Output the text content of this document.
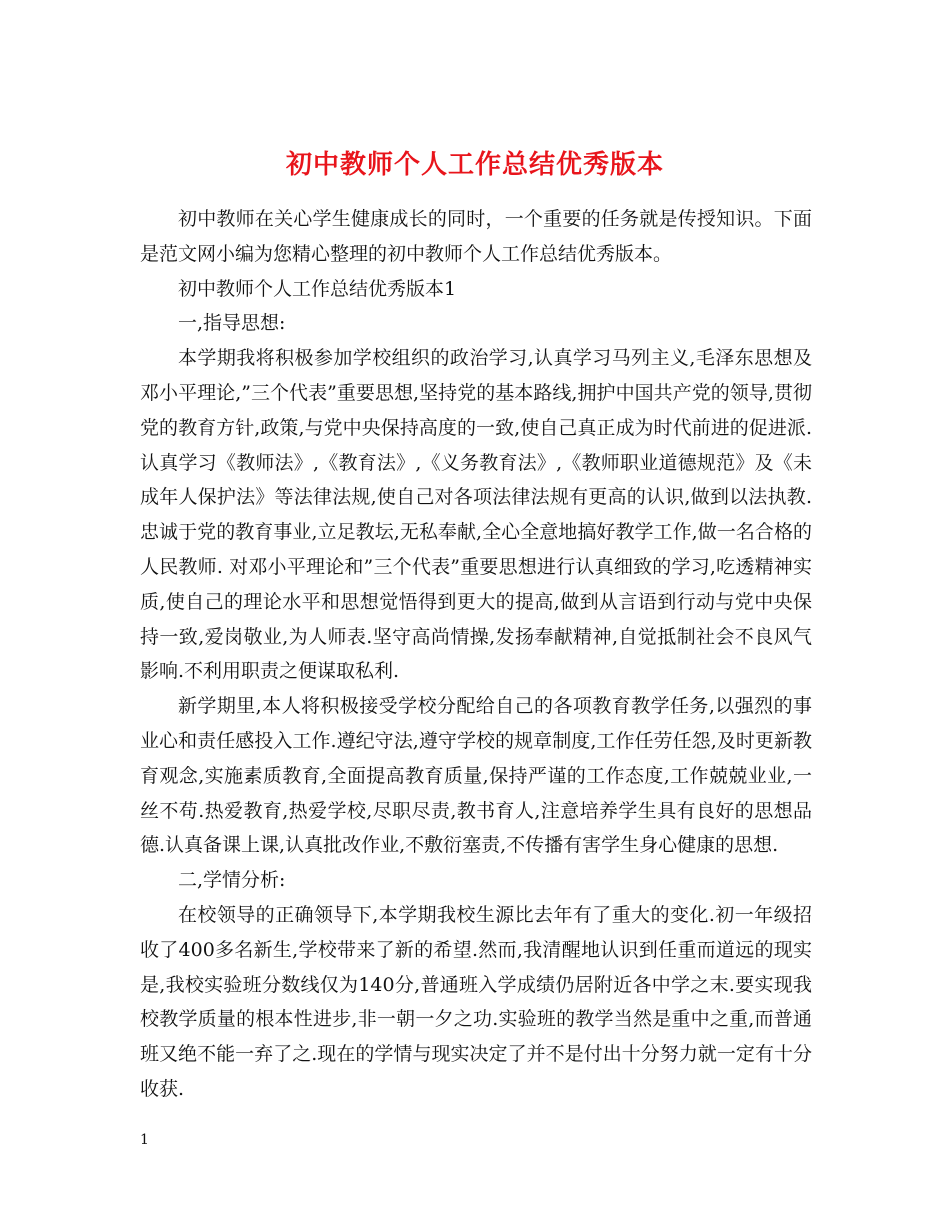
初中教师个人工作总结优秀版本

初中教师在关心学生健康成长的同时，一个重要的任务就是传授知识。下面是范文网小编为您精心整理的初中教师个人工作总结优秀版本。

初中教师个人工作总结优秀版本1

一,指导思想:

本学期我将积极参加学校组织的政治学习,认真学习马列主义,毛泽东思想及邓小平理论,”三个代表”重要思想,坚持党的基本路线,拥护中国共产党的领导,贯彻党的教育方针,政策,与党中央保持高度的一致,使自己真正成为时代前进的促进派.认真学习《教师法》,《教育法》,《义务教育法》,《教师职业道德规范》及《未成年人保护法》等法律法规,使自己对各项法律法规有更高的认识,做到以法执教.忠诚于党的教育事业,立足教坛,无私奉献,全心全意地搞好教学工作,做一名合格的人民教师. 对邓小平理论和”三个代表”重要思想进行认真细致的学习,吃透精神实质,使自己的理论水平和思想觉悟得到更大的提高,做到从言语到行动与党中央保持一致,爱岗敬业,为人师表.坚守高尚情操,发扬奉献精神,自觉抵制社会不良风气影响.不利用职责之便谋取私利.

新学期里,本人将积极接受学校分配给自己的各项教育教学任务,以强烈的事业心和责任感投入工作.遵纪守法,遵守学校的规章制度,工作任劳任怨,及时更新教育观念,实施素质教育,全面提高教育质量,保持严谨的工作态度,工作兢兢业业,一丝不苟.热爱教育,热爱学校,尽职尽责,教书育人,注意培养学生具有良好的思想品德.认真备课上课,认真批改作业,不敷衍塞责,不传播有害学生身心健康的思想.

二,学情分析:

在校领导的正确领导下,本学期我校生源比去年有了重大的变化.初一年级招收了400多名新生,学校带来了新的希望.然而,我清醒地认识到任重而道远的现实是,我校实验班分数线仅为140分,普通班入学成绩仍居附近各中学之末.要实现我校教学质量的根本性进步,非一朝一夕之功.实验班的教学当然是重中之重,而普通班又绝不能一弃了之.现在的学情与现实决定了并不是付出十分努力就一定有十分收获.

1
